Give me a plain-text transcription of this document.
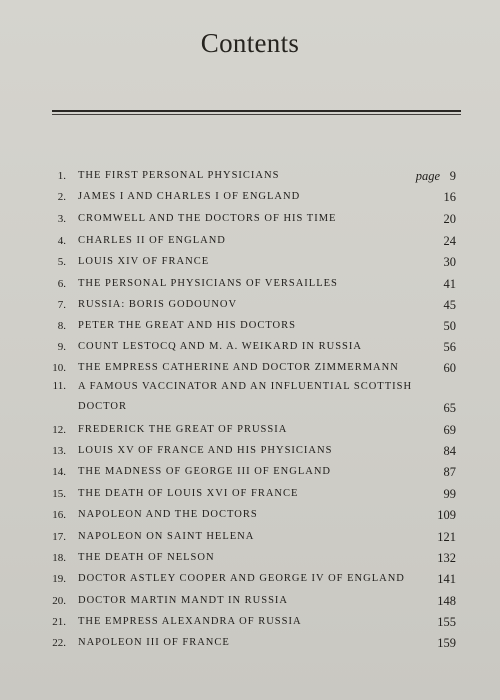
Contents
1. THE FIRST PERSONAL PHYSICIANS	page 9
2. JAMES I AND CHARLES I OF ENGLAND	16
3. CROMWELL AND THE DOCTORS OF HIS TIME	20
4. CHARLES II OF ENGLAND	24
5. LOUIS XIV OF FRANCE	30
6. THE PERSONAL PHYSICIANS OF VERSAILLES	41
7. RUSSIA: BORIS GODOUNOV	45
8. PETER THE GREAT AND HIS DOCTORS	50
9. COUNT LESTOCQ AND M. A. WEIKARD IN RUSSIA	56
10. THE EMPRESS CATHERINE AND DOCTOR ZIMMERMANN	60
11. A FAMOUS VACCINATOR AND AN INFLUENTIAL SCOTTISH DOCTOR	65
12. FREDERICK THE GREAT OF PRUSSIA	69
13. LOUIS XV OF FRANCE AND HIS PHYSICIANS	84
14. THE MADNESS OF GEORGE III OF ENGLAND	87
15. THE DEATH OF LOUIS XVI OF FRANCE	99
16. NAPOLEON AND THE DOCTORS	109
17. NAPOLEON ON SAINT HELENA	121
18. THE DEATH OF NELSON	132
19. DOCTOR ASTLEY COOPER AND GEORGE IV OF ENGLAND	141
20. DOCTOR MARTIN MANDT IN RUSSIA	148
21. THE EMPRESS ALEXANDRA OF RUSSIA	155
22. NAPOLEON III OF FRANCE	159
